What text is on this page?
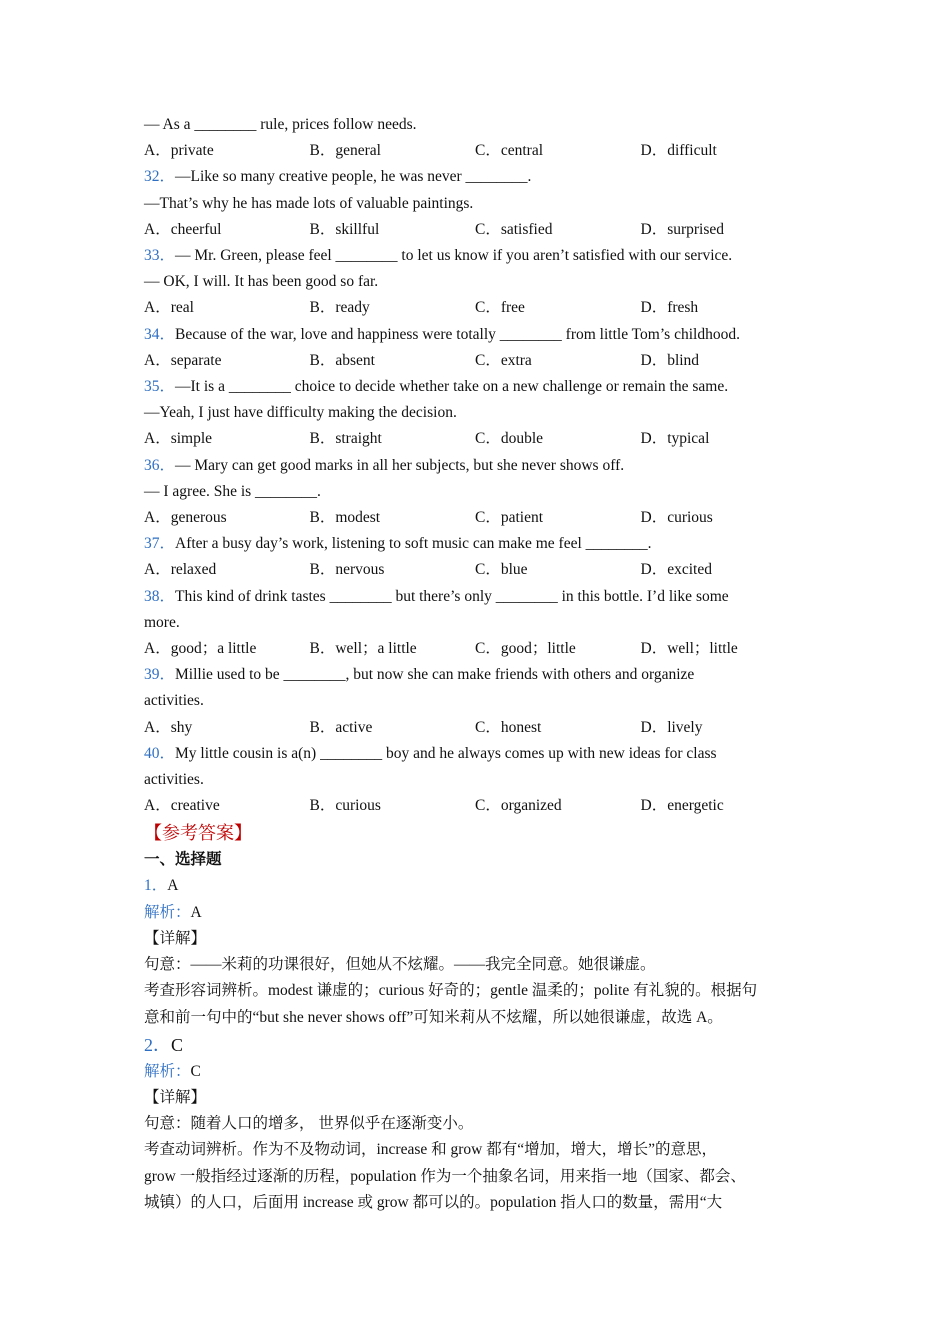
— As a ________ rule, prices follow needs.
A．private	B．general	C．central	D．difficult
32．—Like so many creative people, he was never ________.
—That’s why he has made lots of valuable paintings.
A．cheerful	B．skillful	C．satisfied	D．surprised
33．— Mr. Green, please feel ________ to let us know if you aren’t satisfied with our service.
— OK, I will. It has been good so far.
A．real	B．ready	C．free	D．fresh
34．Because of the war, love and happiness were totally ________ from little Tom’s childhood.
A．separate	B．absent	C．extra	D．blind
35．—It is a ________ choice to decide whether take on a new challenge or remain the same.
—Yeah, I just have difficulty making the decision.
A．simple	B．straight	C．double	D．typical
36．— Mary can get good marks in all her subjects, but she never shows off.
— I agree. She is ________.
A．generous	B．modest	C．patient	D．curious
37．After a busy day’s work, listening to soft music can make me feel ________.
A．relaxed	B．nervous	C．blue	D．excited
38．This kind of drink tastes ________ but there’s only ________ in this bottle. I’d like some
more.
A．good；a little	B．well；a little	C．good；little	D．well；little
39．Millie used to be ________, but now she can make friends with others and organize
activities.
A．shy	B．active	C．honest	D．lively
40．My little cousin is a(n) ________ boy and he always comes up with new ideas for class
activities.
A．creative	B．curious	C．organized	D．energetic
【参考答案】
一、选择题
1．A
解析：A
【详解】
句意：——米莉的功课很好，但她从不炫耀。——我完全同意。她很谦虚。
考查形容词辨析。modest 谦虚的；curious 好奇的；gentle 温柔的；polite 有礼貌的。根据句
意和前一句中的“but she never shows off”可知米莉从不炫耀，所以她很谦虚，故选 A。
2．C
解析：C
【详解】
句意：随着人口的增多， 世界似乎在逐渐变小。
考查动词辨析。作为不及物动词，increase 和 grow 都有“增加，增大，增长”的意思，
grow 一般指经过逐渐的历程，population 作为一个抽象名词，用来指一地（国家、都会、
城镇）的人口，后面用 increase 或 grow 都可以的。population 指人口的数量，需用“大
